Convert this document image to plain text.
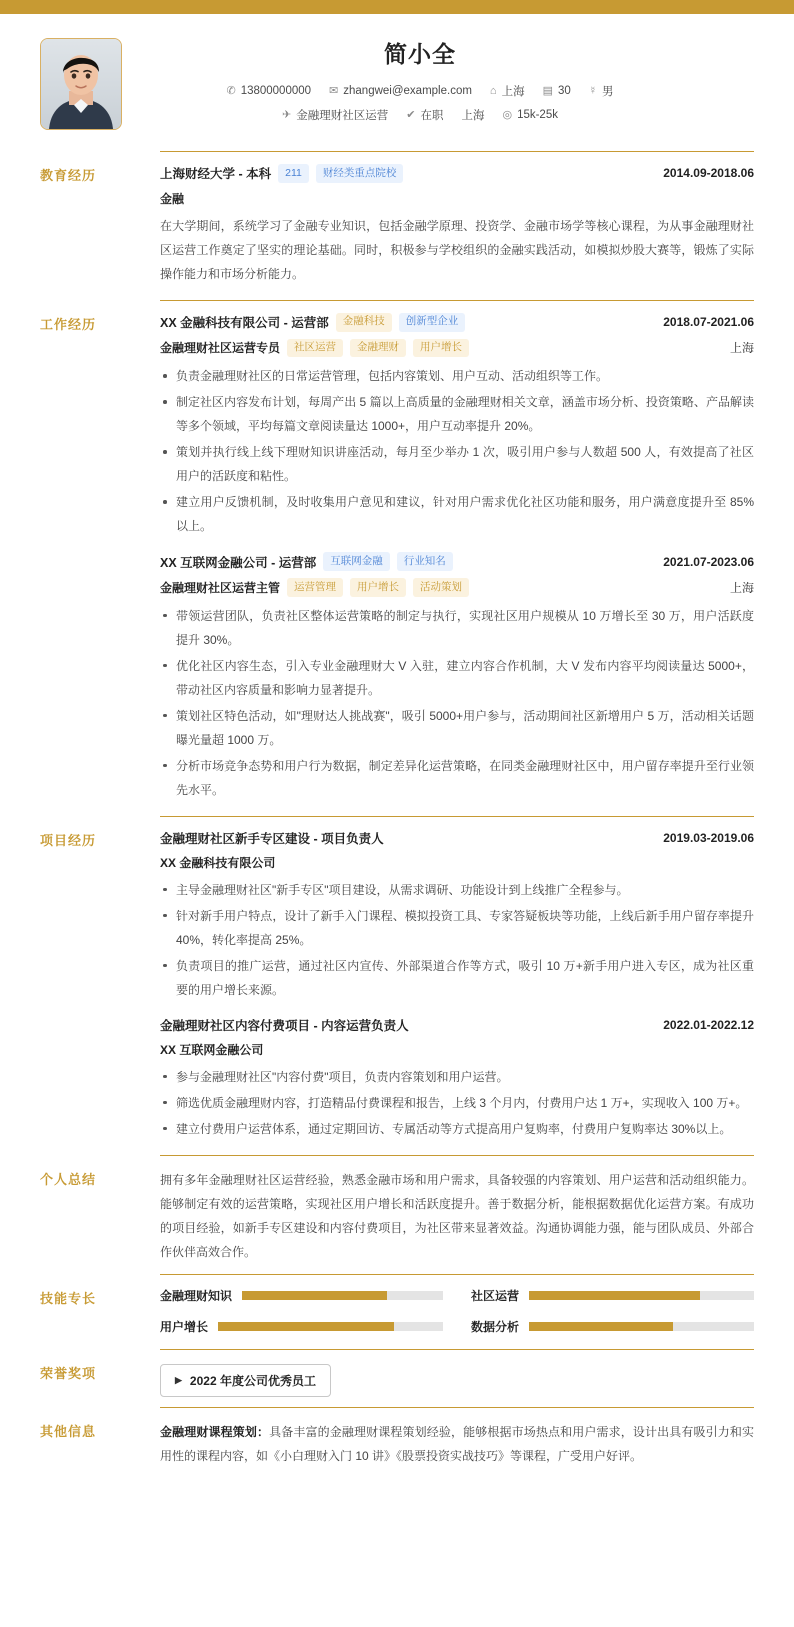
简小全
✆ 13800000000 ✉ zhangwei@example.com ⌂ 上海 ▤ 30 ☿ 男
✈ 金融理财社区运营 ✔ 在职 上海 ◎ 15k-25k
教育经历	上海财经大学 - 本科	211	财经类重点院校	2014.09-2018.06
金融
在大学期间，系统学习了金融专业知识，包括金融学原理、投资学、金融市场学等核心课程，为从事金融理财社区运营工作奠定了坚实的理论基础。同时，积极参与学校组织的金融实践活动，如模拟炒股大赛等，锻炼了实际操作能力和市场分析能力。
工作经历	XX 金融科技有限公司 - 运营部	金融科技	创新型企业	2018.07-2021.06
金融理财社区运营专员	社区运营	金融理财	用户增长	上海
负责金融理财社区的日常运营管理，包括内容策划、用户互动、活动组织等工作。
制定社区内容发布计划，每周产出 5 篇以上高质量的金融理财相关文章，涵盖市场分析、投资策略、产品解读等多个领域，平均每篇文章阅读量达 1000+，用户互动率提升 20%。
策划并执行线上线下理财知识讲座活动，每月至少举办 1 次，吸引用户参与人数超 500 人，有效提高了社区用户的活跃度和粘性。
建立用户反馈机制，及时收集用户意见和建议，针对用户需求优化社区功能和服务，用户满意度提升至 85%以上。
XX 互联网金融公司 - 运营部	互联网金融	行业知名	2021.07-2023.06
金融理财社区运营主管	运营管理	用户增长	活动策划	上海
带领运营团队，负责社区整体运营策略的制定与执行，实现社区用户规模从 10 万增长至 30 万，用户活跃度提升 30%。
优化社区内容生态，引入专业金融理财大 V 入驻，建立内容合作机制，大 V 发布内容平均阅读量达 5000+，带动社区内容质量和影响力显著提升。
策划社区特色活动，如"理财达人挑战赛"，吸引 5000+用户参与，活动期间社区新增用户 5 万，活动相关话题曝光量超 1000 万。
分析市场竞争态势和用户行为数据，制定差异化运营策略，在同类金融理财社区中，用户留存率提升至行业领先水平。
项目经历	金融理财社区新手专区建设 - 项目负责人	2019.03-2019.06
XX 金融科技有限公司
主导金融理财社区"新手专区"项目建设，从需求调研、功能设计到上线推广全程参与。
针对新手用户特点，设计了新手入门课程、模拟投资工具、专家答疑板块等功能，上线后新手用户留存率提升 40%，转化率提高 25%。
负责项目的推广运营，通过社区内宣传、外部渠道合作等方式，吸引 10 万+新手用户进入专区，成为社区重要的用户增长来源。
金融理财社区内容付费项目 - 内容运营负责人	2022.01-2022.12
XX 互联网金融公司
参与金融理财社区"内容付费"项目，负责内容策划和用户运营。
筛选优质金融理财内容，打造精品付费课程和报告，上线 3 个月内，付费用户达 1 万+，实现收入 100 万+。
建立付费用户运营体系，通过定期回访、专属活动等方式提高用户复购率，付费用户复购率达 30%以上。
个人总结	拥有多年金融理财社区运营经验，熟悉金融市场和用户需求，具备较强的内容策划、用户运营和活动组织能力。能够制定有效的运营策略，实现社区用户增长和活跃度提升。善于数据分析，能根据数据优化运营方案。有成功的项目经验，如新手专区建设和内容付费项目，为社区带来显著效益。沟通协调能力强，能与团队成员、外部合作伙伴高效合作。
技能专长	金融理财知识	社区运营
用户增长	数据分析
荣誉奖项	▶ 2022 年度公司优秀员工
其他信息	金融理财课程策划：具备丰富的金融理财课程策划经验，能够根据市场热点和用户需求，设计出具有吸引力和实用性的课程内容，如《小白理财入门 10 讲》《股票投资实战技巧》等课程，广受用户好评。
